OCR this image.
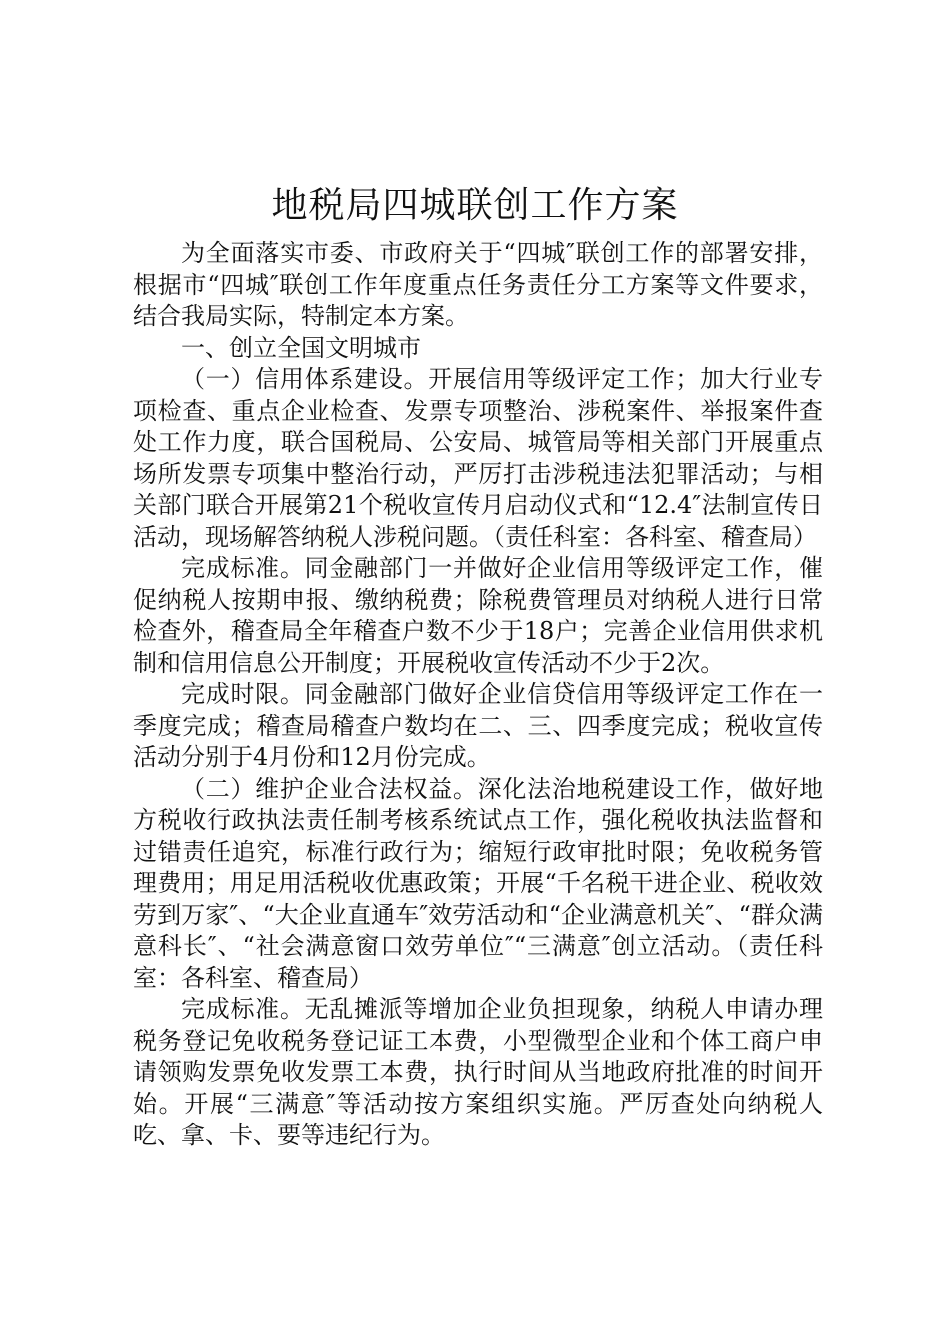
地税局四城联创工作方案

为全面落实市委、市政府关于“四城″联创工作的部署安排，根据市“四城″联创工作年度重点任务责任分工方案等文件要求，结合我局实际，特制定本方案。

一、创立全国文明城市

（一）信用体系建设。开展信用等级评定工作；加大行业专项检查、重点企业检查、发票专项整治、涉税案件、举报案件查处工作力度，联合国税局、公安局、城管局等相关部门开展重点场所发票专项集中整治行动，严厉打击涉税违法犯罪活动；与相关部门联合开展第21个税收宣传月启动仪式和“12.4″法制宣传日活动，现场解答纳税人涉税问题。（责任科室：各科室、稽查局）

完成标准。同金融部门一并做好企业信用等级评定工作，催促纳税人按期申报、缴纳税费；除税费管理员对纳税人进行日常检查外，稽查局全年稽查户数不少于18户；完善企业信用供求机制和信用信息公开制度；开展税收宣传活动不少于2次。

完成时限。同金融部门做好企业信贷信用等级评定工作在一季度完成；稽查局稽查户数均在二、三、四季度完成；税收宣传活动分别于4月份和12月份完成。

（二）维护企业合法权益。深化法治地税建设工作，做好地方税收行政执法责任制考核系统试点工作，强化税收执法监督和过错责任追究，标准行政行为；缩短行政审批时限；免收税务管理费用；用足用活税收优惠政策；开展“千名税干进企业、税收效劳到万家″、“大企业直通车″效劳活动和“企业满意机关″、“群众满意科长″、“社会满意窗口效劳单位″“三满意″创立活动。（责任科室：各科室、稽查局）

完成标准。无乱摊派等增加企业负担现象，纳税人申请办理税务登记免收税务登记证工本费，小型微型企业和个体工商户申请领购发票免收发票工本费，执行时间从当地政府批准的时间开始。开展“三满意″等活动按方案组织实施。严厉查处向纳税人吃、拿、卡、要等违纪行为。
